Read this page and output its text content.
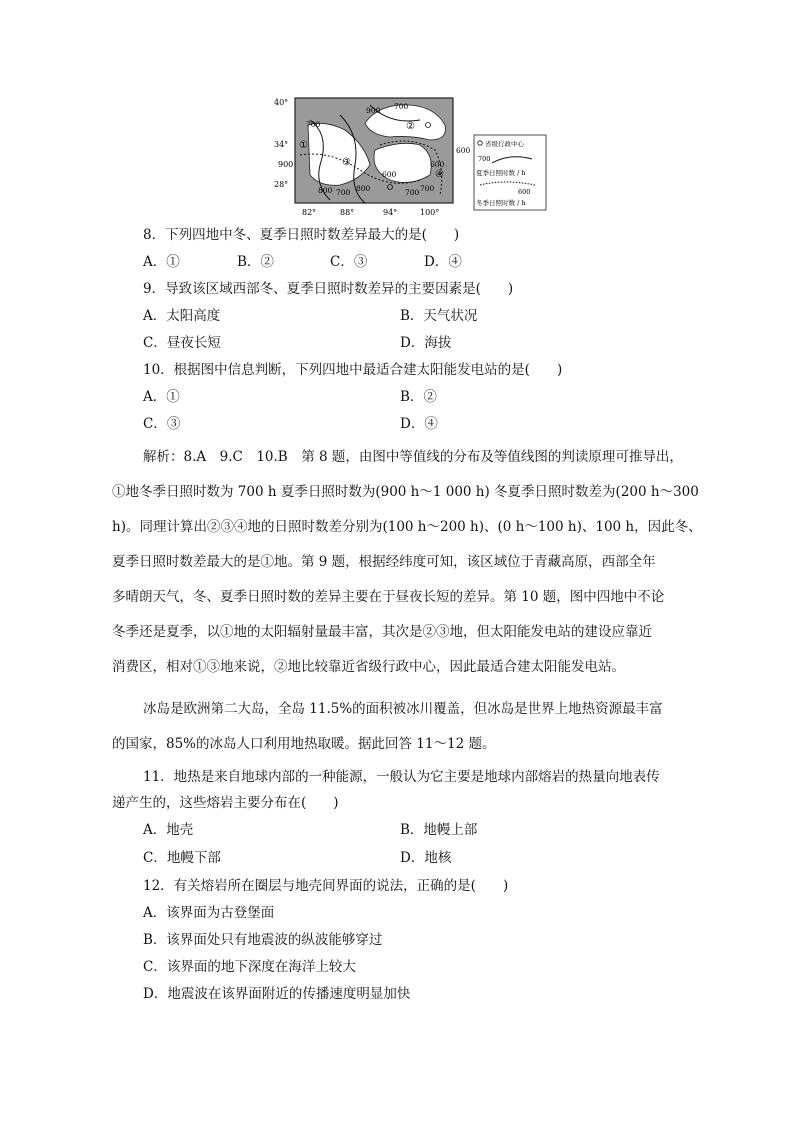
40°
34°
28°
82°	88°	94°	100°
900 700
600
700
800 700
900
600
700
600
700
800
①
②
③
④
省级行政中心
700
夏季日照时数 / h
600
冬季日照时数 / h
8．下列四地中冬、夏季日照时数差异最大的是(　　)
A．①	B．②	C．③	D．④
9．导致该区域西部冬、夏季日照时数差异的主要因素是(　　)
A．太阳高度	B．天气状况
C．昼夜长短	D．海拔
10．根据图中信息判断，下列四地中最适合建太阳能发电站的是(　　)
A．①	B．②
C．③	D．④
解析：8.A　9.C　10.B　第 8 题，由图中等值线的分布及等值线图的判读原理可推导出，
①地冬季日照时数为 700 h 夏季日照时数为(900 h～1 000 h) 冬夏季日照时数差为(200 h～300
h)。同理计算出②③④地的日照时数差分别为(100 h～200 h)、(0 h～100 h)、100 h，因此冬、
夏季日照时数差最大的是①地。第 9 题，根据经纬度可知，该区域位于青藏高原，西部全年
多晴朗天气，冬、夏季日照时数的差异主要在于昼夜长短的差异。第 10 题，图中四地中不论
冬季还是夏季，以①地的太阳辐射量最丰富，其次是②③地，但太阳能发电站的建设应靠近
消费区，相对①③地来说，②地比较靠近省级行政中心，因此最适合建太阳能发电站。
冰岛是欧洲第二大岛，全岛 11.5%的面积被冰川覆盖，但冰岛是世界上地热资源最丰富
的国家，85%的冰岛人口利用地热取暖。据此回答 11～12 题。
11．地热是来自地球内部的一种能源，一般认为它主要是地球内部熔岩的热量向地表传
递产生的，这些熔岩主要分布在(　　)
A．地壳	B．地幔上部
C．地幔下部	D．地核
12．有关熔岩所在圈层与地壳间界面的说法，正确的是(　　)
A．该界面为古登堡面
B．该界面处只有地震波的纵波能够穿过
C．该界面的地下深度在海洋上较大
D．地震波在该界面附近的传播速度明显加快
